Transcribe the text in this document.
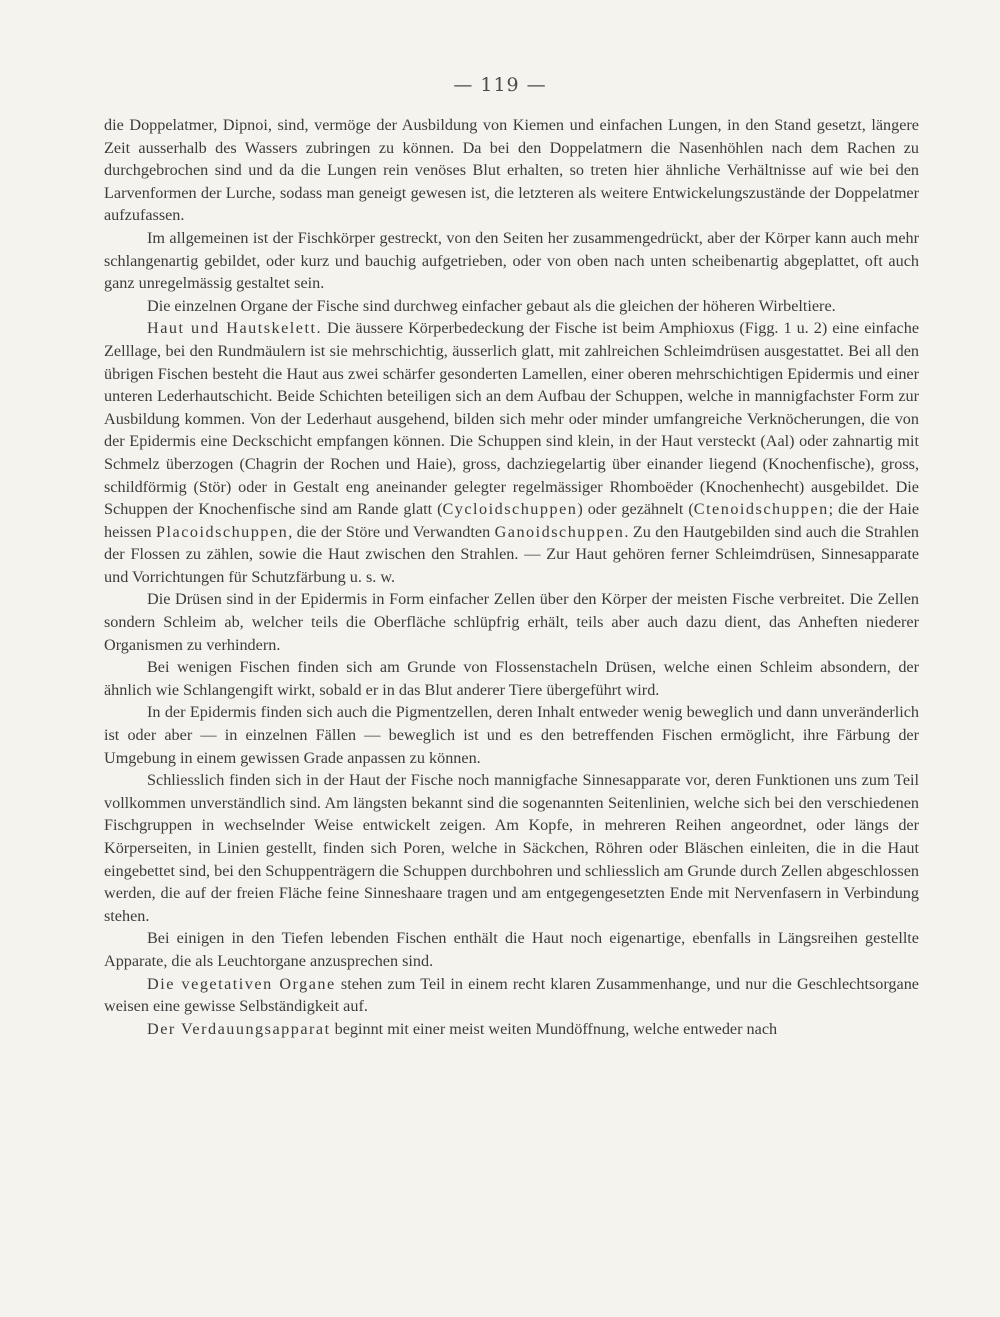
— 119 —

die Doppelatmer, Dipnoi, sind, vermöge der Ausbildung von Kiemen und einfachen Lungen, in den Stand gesetzt, längere Zeit ausserhalb des Wassers zubringen zu können. Da bei den Doppelatmern die Nasenhöhlen nach dem Rachen zu durchgebrochen sind und da die Lungen rein venöses Blut erhalten, so treten hier ähnliche Verhältnisse auf wie bei den Larvenformen der Lurche, sodass man geneigt gewesen ist, die letzteren als weitere Entwickelungszustände der Doppelatmer aufzufassen.

Im allgemeinen ist der Fischkörper gestreckt, von den Seiten her zusammengedrückt, aber der Körper kann auch mehr schlangenartig gebildet, oder kurz und bauchig aufgetrieben, oder von oben nach unten scheibenartig abgeplattet, oft auch ganz unregelmässig gestaltet sein.

Die einzelnen Organe der Fische sind durchweg einfacher gebaut als die gleichen der höheren Wirbeltiere.

Haut und Hautskelett. Die äussere Körperbedeckung der Fische ist beim Amphioxus (Figg. 1 u. 2) eine einfache Zelllage, bei den Rundmäulern ist sie mehrschichtig, äusserlich glatt, mit zahlreichen Schleimdrüsen ausgestattet. Bei all den übrigen Fischen besteht die Haut aus zwei schärfer gesonderten Lamellen, einer oberen mehrschichtigen Epidermis und einer unteren Lederhautschicht. Beide Schichten beteiligen sich an dem Aufbau der Schuppen, welche in mannigfachster Form zur Ausbildung kommen. Von der Lederhaut ausgehend, bilden sich mehr oder minder umfangreiche Verknöcherungen, die von der Epidermis eine Deckschicht empfangen können. Die Schuppen sind klein, in der Haut versteckt (Aal) oder zahnartig mit Schmelz überzogen (Chagrin der Rochen und Haie), gross, dachziegelartig über einander liegend (Knochenfische), gross, schildförmig (Stör) oder in Gestalt eng aneinander gelegter regelmässiger Rhomboëder (Knochenhecht) ausgebildet. Die Schuppen der Knochenfische sind am Rande glatt (Cycloidschuppen) oder gezähnelt (Ctenoidschuppen; die der Haie heissen Placoidschuppen, die der Störe und Verwandten Ganoidschuppen. Zu den Hautgebilden sind auch die Strahlen der Flossen zu zählen, sowie die Haut zwischen den Strahlen. — Zur Haut gehören ferner Schleimdrüsen, Sinnesapparate und Vorrichtungen für Schutzfärbung u. s. w.

Die Drüsen sind in der Epidermis in Form einfacher Zellen über den Körper der meisten Fische verbreitet. Die Zellen sondern Schleim ab, welcher teils die Oberfläche schlüpfrig erhält, teils aber auch dazu dient, das Anheften niederer Organismen zu verhindern.

Bei wenigen Fischen finden sich am Grunde von Flossenstacheln Drüsen, welche einen Schleim absondern, der ähnlich wie Schlangengift wirkt, sobald er in das Blut anderer Tiere übergeführt wird.

In der Epidermis finden sich auch die Pigmentzellen, deren Inhalt entweder wenig beweglich und dann unveränderlich ist oder aber — in einzelnen Fällen — beweglich ist und es den betreffenden Fischen ermöglicht, ihre Färbung der Umgebung in einem gewissen Grade anpassen zu können.

Schliesslich finden sich in der Haut der Fische noch mannigfache Sinnesapparate vor, deren Funktionen uns zum Teil vollkommen unverständlich sind. Am längsten bekannt sind die sogenannten Seitenlinien, welche sich bei den verschiedenen Fischgruppen in wechselnder Weise entwickelt zeigen. Am Kopfe, in mehreren Reihen angeordnet, oder längs der Körperseiten, in Linien gestellt, finden sich Poren, welche in Säckchen, Röhren oder Bläschen einleiten, die in die Haut eingebettet sind, bei den Schuppenträgern die Schuppen durchbohren und schliesslich am Grunde durch Zellen abgeschlossen werden, die auf der freien Fläche feine Sinneshaare tragen und am entgegengesetzten Ende mit Nervenfasern in Verbindung stehen.

Bei einigen in den Tiefen lebenden Fischen enthält die Haut noch eigenartige, ebenfalls in Längsreihen gestellte Apparate, die als Leuchtorgane anzusprechen sind.

Die vegetativen Organe stehen zum Teil in einem recht klaren Zusammenhange, und nur die Geschlechtsorgane weisen eine gewisse Selbständigkeit auf.

Der Verdauungsapparat beginnt mit einer meist weiten Mundöffnung, welche entweder nach
